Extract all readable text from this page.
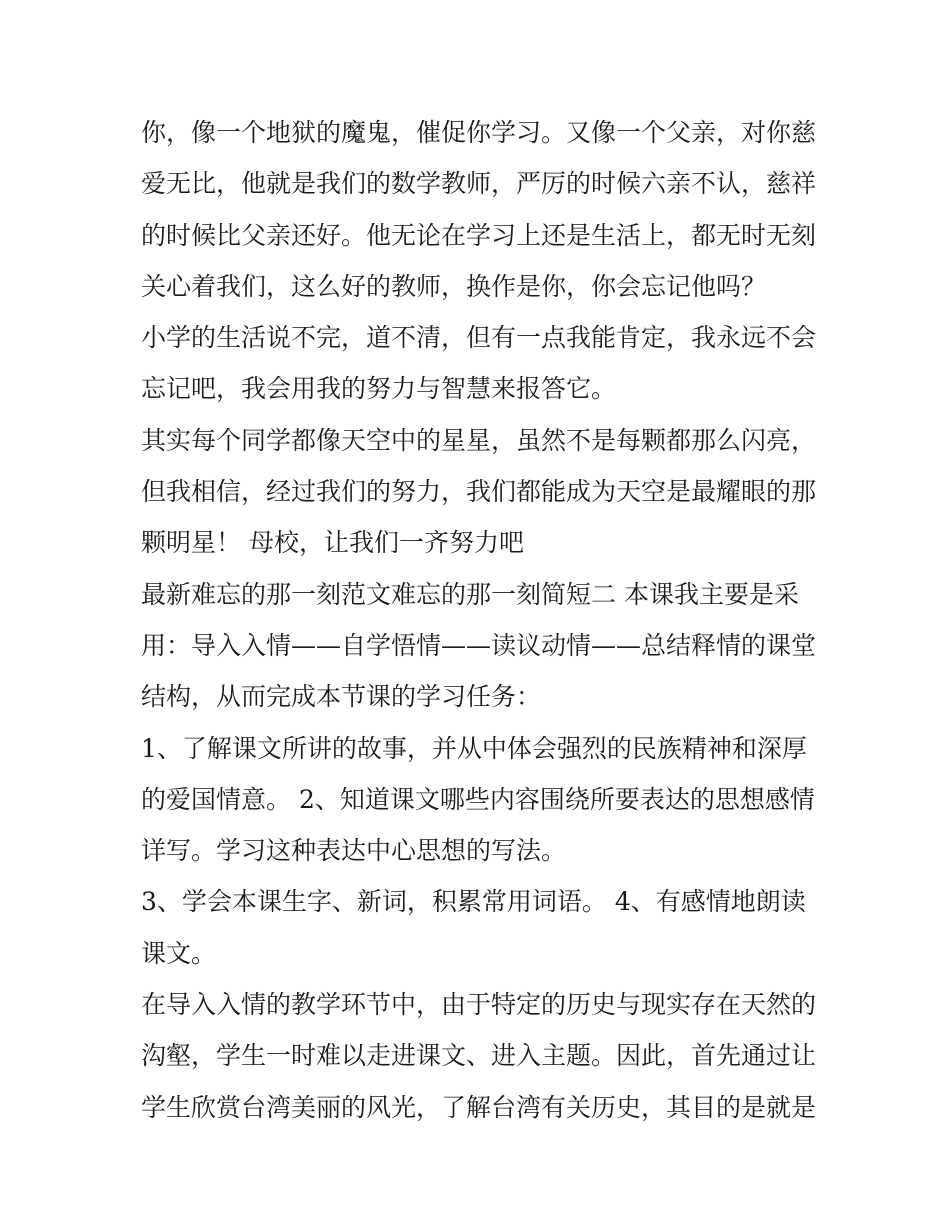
你，像一个地狱的魔鬼，催促你学习。又像一个父亲，对你慈
爱无比，他就是我们的数学教师，严厉的时候六亲不认，慈祥
的时候比父亲还好。他无论在学习上还是生活上，都无时无刻
关心着我们，这么好的教师，换作是你，你会忘记他吗？
小学的生活说不完，道不清，但有一点我能肯定，我永远不会
忘记吧，我会用我的努力与智慧来报答它。
其实每个同学都像天空中的星星，虽然不是每颗都那么闪亮，
但我相信，经过我们的努力，我们都能成为天空是最耀眼的那
颗明星！ 母校，让我们一齐努力吧
最新难忘的那一刻范文难忘的那一刻简短二 本课我主要是采
用：导入入情——自学悟情——读议动情——总结释情的课堂
结构，从而完成本节课的学习任务：
1、了解课文所讲的故事，并从中体会强烈的民族精神和深厚
的爱国情意。 2、知道课文哪些内容围绕所要表达的思想感情
详写。学习这种表达中心思想的写法。
3、学会本课生字、新词，积累常用词语。 4、有感情地朗读
课文。
在导入入情的教学环节中，由于特定的历史与现实存在天然的
沟壑，学生一时难以走进课文、进入主题。因此，首先通过让
学生欣赏台湾美丽的风光，了解台湾有关历史，其目的是就是
